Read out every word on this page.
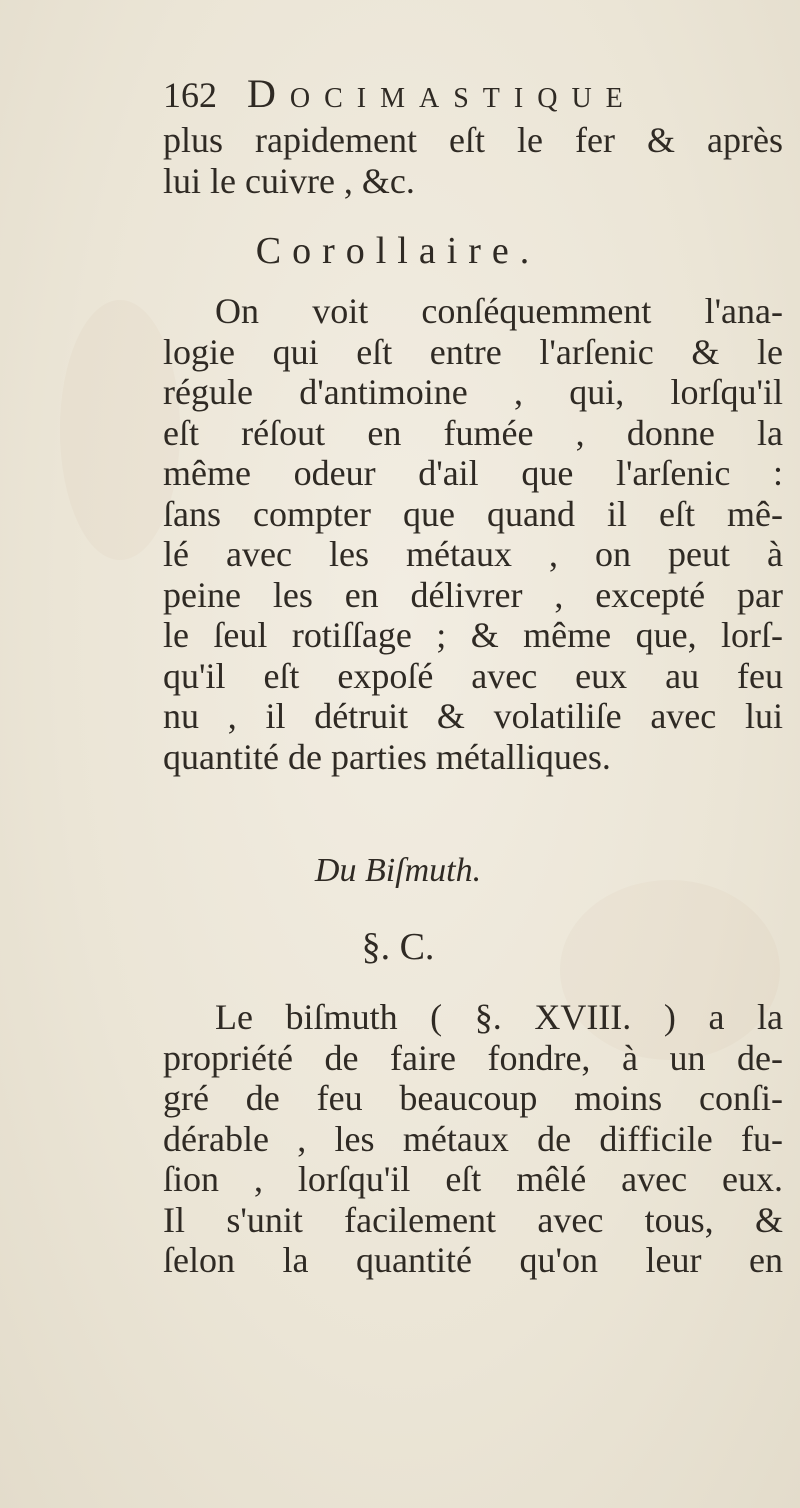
162 Docimastique
plus rapidement eſt le fer & après
lui le cuivre , &c.
Corollaire.
On voit conſéquemment l'ana-
logie qui eſt entre l'arſenic & le
régule d'antimoine , qui, lorſqu'il
eſt réſout en fumée , donne la
même odeur d'ail que l'arſenic :
ſans compter que quand il eſt mê-
lé avec les métaux , on peut à
peine les en délivrer , excepté par
le ſeul rotiſſage ; & même que, lorſ-
qu'il eſt expoſé avec eux au feu
nu , il détruit & volatiliſe avec lui
quantité de parties métalliques.
Du Biſmuth.
§. C.
Le biſmuth ( §. XVIII. ) a la
propriété de faire fondre, à un de-
gré de feu beaucoup moins conſi-
dérable , les métaux de difficile fu-
ſion , lorſqu'il eſt mêlé avec eux.
Il s'unit facilement avec tous, &
ſelon la quantité qu'on leur en
